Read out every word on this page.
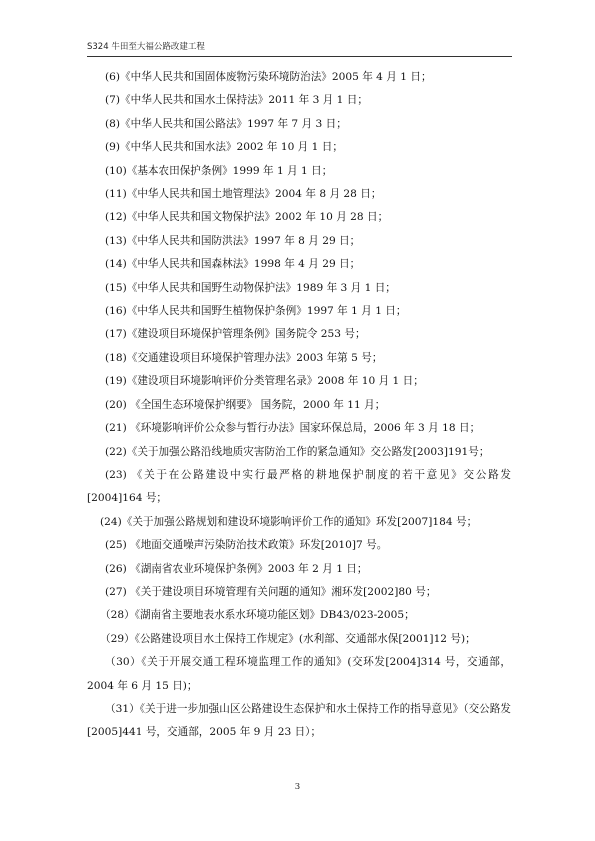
S324 牛田至大福公路改建工程

(6)《中华人民共和国固体废物污染环境防治法》2005 年 4 月 1 日；

(7)《中华人民共和国水土保持法》2011 年 3 月 1 日；

(8)《中华人民共和国公路法》1997 年 7 月 3 日；

(9)《中华人民共和国水法》2002 年 10 月 1 日；

(10)《基本农田保护条例》1999 年 1 月 1 日；

(11)《中华人民共和国土地管理法》2004 年 8 月 28 日；

(12)《中华人民共和国文物保护法》2002 年 10 月 28 日；

(13)《中华人民共和国防洪法》1997 年 8 月 29 日；

(14)《中华人民共和国森林法》1998 年 4 月 29 日；

(15)《中华人民共和国野生动物保护法》1989 年 3 月 1 日；

(16)《中华人民共和国野生植物保护条例》1997 年 1 月 1 日；

(17)《建设项目环境保护管理条例》国务院令 253 号；

(18)《交通建设项目环境保护管理办法》2003 年第 5 号；

(19)《建设项目环境影响评价分类管理名录》2008 年 10 月 1 日；

(20) 《全国生态环境保护纲要》 国务院，2000 年 11 月；

(21) 《环境影响评价公众参与暂行办法》国家环保总局，2006 年 3 月 18 日；

(22)《关于加强公路沿线地质灾害防治工作的紧急通知》交公路发[2003]191号；

(23) 《关于在公路建设中实行最严格的耕地保护制度的若干意见》交公路发[2004]164 号；

(24)《关于加强公路规划和建设环境影响评价工作的通知》环发[2007]184 号；

(25) 《地面交通噪声污染防治技术政策》环发[2010]7 号。

(26) 《湖南省农业环境保护条例》2003 年 2 月 1 日；

(27) 《关于建设项目环境管理有关问题的通知》湘环发[2002]80 号；

（28）《湖南省主要地表水系水环境功能区划》DB43/023-2005；

（29）《公路建设项目水土保持工作规定》(水利部、交通部水保[2001]12 号)；

（30）《关于开展交通工程环境监理工作的通知》(交环发[2004]314 号，交通部，2004 年 6 月 15 日)；

（31）《关于进一步加强山区公路建设生态保护和水土保持工作的指导意见》（交公路发[2005]441 号，交通部，2005 年 9 月 23 日）；

3
